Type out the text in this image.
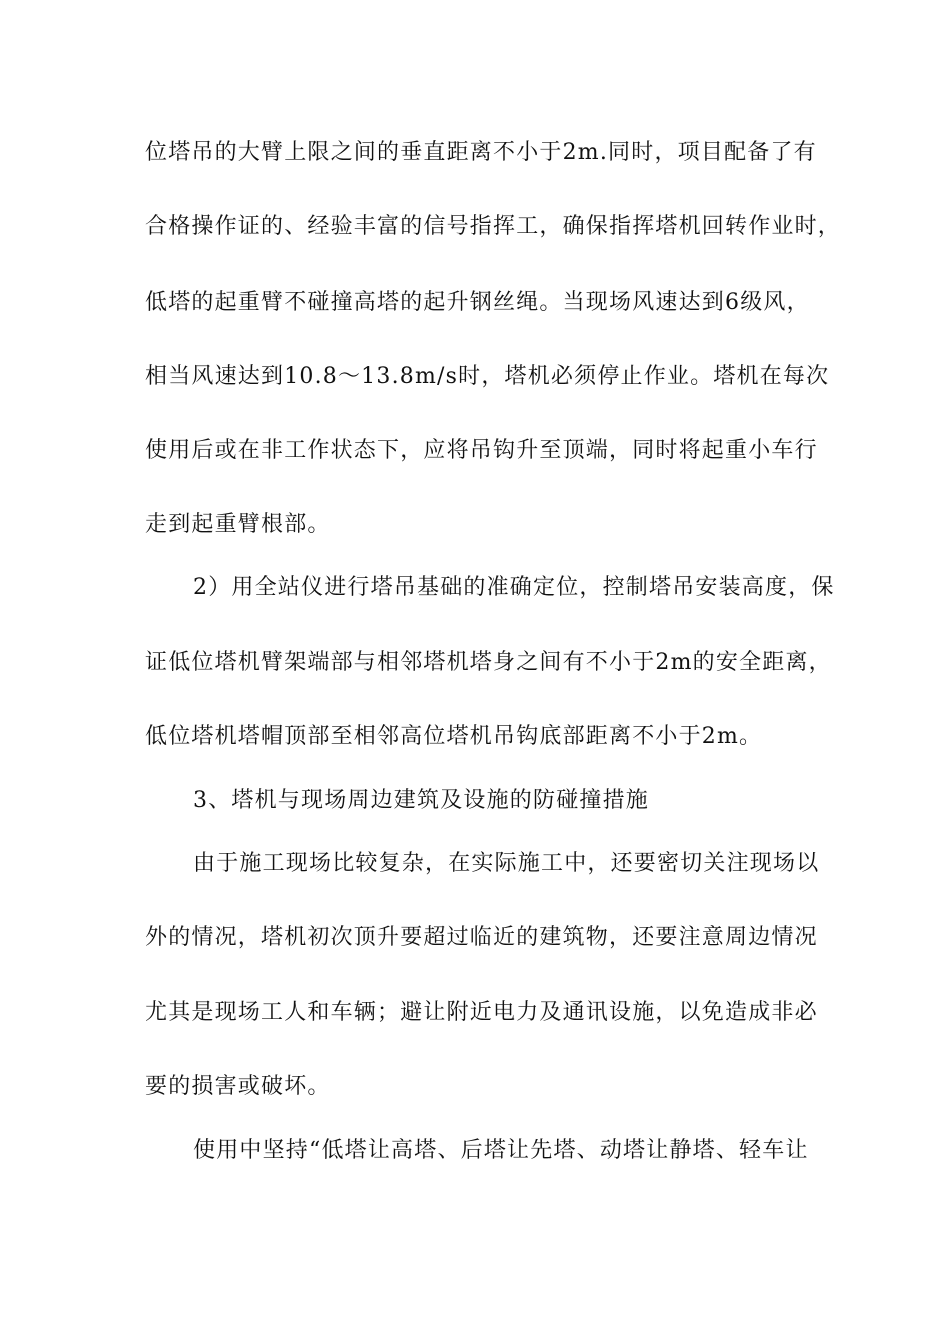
位塔吊的大臂上限之间的垂直距离不小于2m.同时，项目配备了有
合格操作证的、经验丰富的信号指挥工，确保指挥塔机回转作业时，
低塔的起重臂不碰撞高塔的起升钢丝绳。当现场风速达到6级风，
相当风速达到10.8～13.8m/s时，塔机必须停止作业。塔机在每次
使用后或在非工作状态下，应将吊钩升至顶端，同时将起重小车行
走到起重臂根部。
2）用全站仪进行塔吊基础的准确定位，控制塔吊安装高度，保
证低位塔机臂架端部与相邻塔机塔身之间有不小于2m的安全距离，
低位塔机塔帽顶部至相邻高位塔机吊钩底部距离不小于2m。
3、塔机与现场周边建筑及设施的防碰撞措施
由于施工现场比较复杂，在实际施工中，还要密切关注现场以
外的情况，塔机初次顶升要超过临近的建筑物，还要注意周边情况
尤其是现场工人和车辆；避让附近电力及通讯设施，以免造成非必
要的损害或破坏。
使用中坚持“低塔让高塔、后塔让先塔、动塔让静塔、轻车让
